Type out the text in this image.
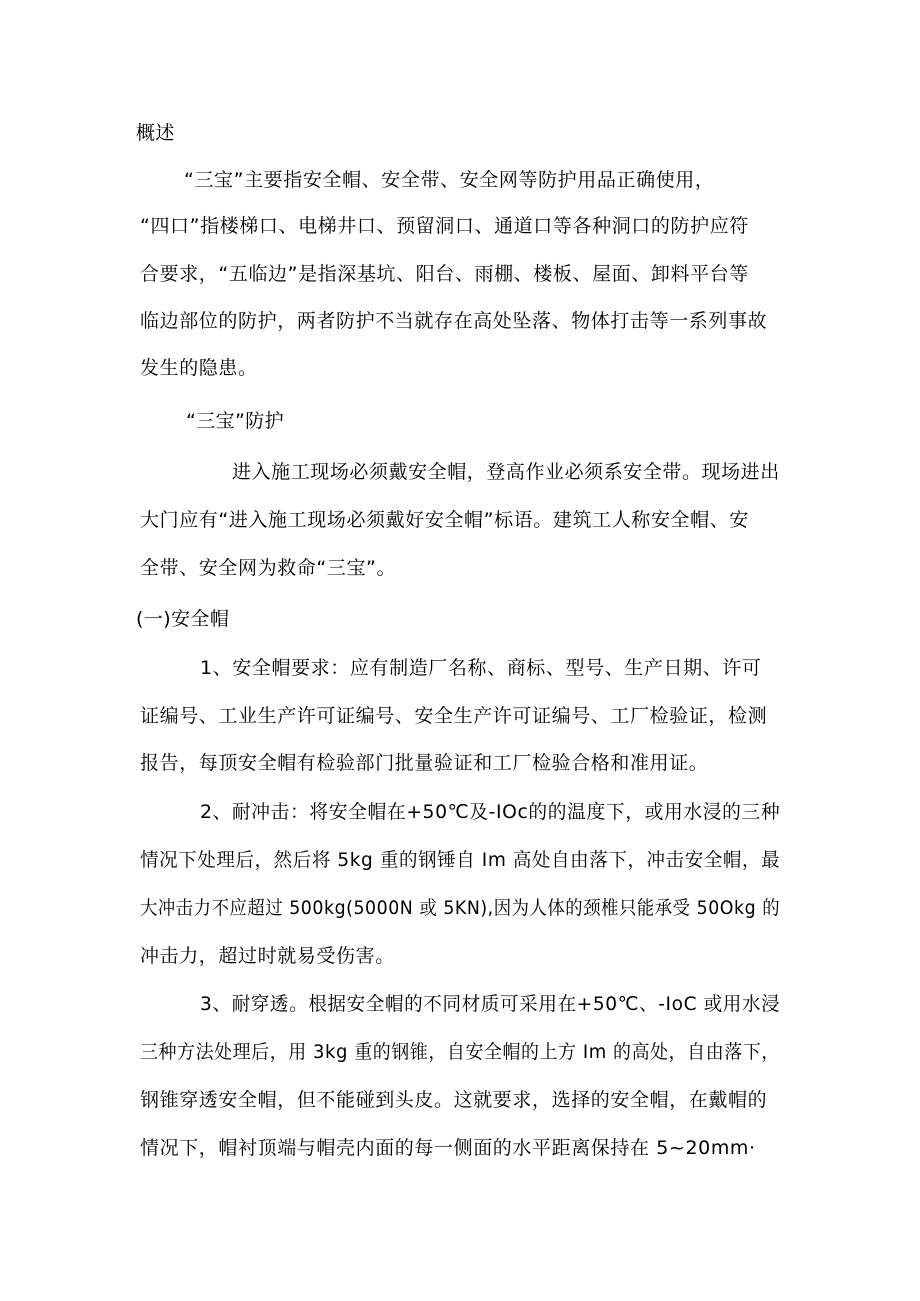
概述
“三宝”主要指安全帽、安全带、安全网等防护用品正确使用，
“四口”指楼梯口、电梯井口、预留洞口、通道口等各种洞口的防护应符
合要求，“五临边”是指深基坑、阳台、雨棚、楼板、屋面、卸料平台等
临边部位的防护，两者防护不当就存在高处坠落、物体打击等一系列事故
发生的隐患。
“三宝”防护
进入施工现场必须戴安全帽，登高作业必须系安全带。现场进出
大门应有“进入施工现场必须戴好安全帽”标语。建筑工人称安全帽、安
全带、安全网为救命“三宝”。
(一)安全帽
1、安全帽要求：应有制造厂名称、商标、型号、生产日期、许可
证编号、工业生产许可证编号、安全生产许可证编号、工厂检验证，检测
报告，每顶安全帽有检验部门批量验证和工厂检验合格和准用证。
2、耐冲击：将安全帽在+50℃及-IOc的的温度下，或用水浸的三种
情况下处理后，然后将 5kg 重的钢锤自 Im 高处自由落下，冲击安全帽，最
大冲击力不应超过 500kg(5000N 或 5KN),因为人体的颈椎只能承受 50Okg 的
冲击力，超过时就易受伤害。
3、耐穿透。根据安全帽的不同材质可采用在+50℃、-IoC 或用水浸
三种方法处理后，用 3kg 重的钢锥，自安全帽的上方 Im 的高处，自由落下，
钢锥穿透安全帽，但不能碰到头皮。这就要求，选择的安全帽，在戴帽的
情况下，帽衬顶端与帽壳内面的每一侧面的水平距离保持在 5~20mm·
